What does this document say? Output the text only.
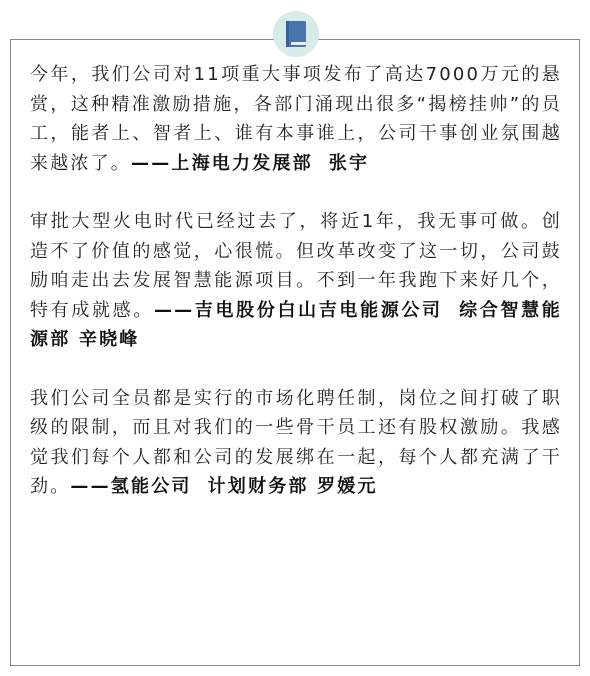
今年，我们公司对11项重大事项发布了高达7000万元的悬赏，这种精准激励措施，各部门涌现出很多“揭榜挂帅”的员工，能者上、智者上、谁有本事谁上，公司干事创业氛围越来越浓了。——上海电力发展部 张宇

审批大型火电时代已经过去了，将近1年，我无事可做。创造不了价值的感觉，心很慌。但改革改变了这一切，公司鼓励咱走出去发展智慧能源项目。不到一年我跑下来好几个，特有成就感。——吉电股份白山吉电能源公司 综合智慧能源部 辛晓峰

我们公司全员都是实行的市场化聘任制，岗位之间打破了职级的限制，而且对我们的一些骨干员工还有股权激励。我感觉我们每个人都和公司的发展绑在一起，每个人都充满了干劲。——氢能公司 计划财务部 罗媛元
